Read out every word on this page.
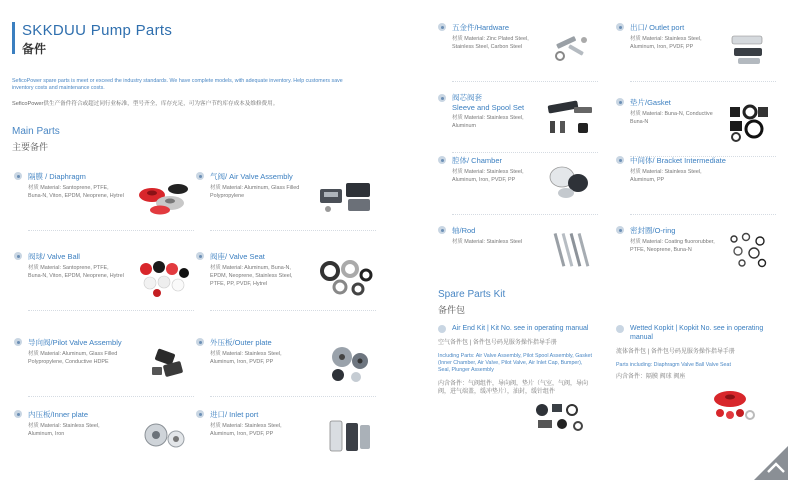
SKKDUU Pump Parts
备件
SeficoPower spare parts is meet or exceed the industry standards. We have complete models, with adequate inventory. Help customers save inventory costs and maintenance costs.
SeficoPower供生产备件符合或超过同行业标准，型号齐全，库存充足，可为客户节约库存成本及维修费用。
Main Parts
主要备件
隔膜 / Diaphragm
材质 Material: Santoprene, PTFE, Buna-N, Viton, EPDM, Neoprene, Hytrel
气阀/ Air Valve Assembly
材质 Material: Aluminum, Glass Filled Polypropylene
阀球/ Valve Ball
材质 Material: Santoprene, PTFE, Buna-N, Viton, EPDM, Neoprene, Hytrel
阀座/ Valve Seat
材质 Material: Aluminum, Buna-N, EPDM, Neoprene, Stainless Steel, PTFE, PP, PVDF, Hytrel
导向阀/Pilot Valve Assembly
材质 Material: Aluminum, Glass Filled Polypropylene, Conductive HDPE
外压板/Outer plate
材质 Material: Stainless Steel, Aluminum, Iron, PVDF, PP
内压板/Inner plate
材质 Material: Stainless Steel, Aluminum, Iron
进口/ Inlet port
材质 Material: Stainless Steel, Aluminum, Iron, PVDF, PP
五金件/Hardware
材质 Material: Zinc Plated Steel, Stainless Steel, Carbon Steel
出口/ Outlet port
材质 Material: Stainless Steel, Aluminum, Iron, PVDF, PP
阀芯阀套
Sleeve and Spool Set
材质 Material: Stainless Steel, Aluminum
垫片/Gasket
材质 Material: Buna-N, Conductive Buna-N
腔体/ Chamber
材质 Material: Stainless Steel, Aluminum, Iron, PVDF, PP
中间体/ Bracket Intermediate
材质 Material: Stainless Steel, Aluminum, PP
轴/Rod
材质 Material: Stainless Steel
密封圈/O-ring
材质 Material: Coating fluororubber, PTFE, Neoprene, Buna-N
Spare Parts Kit
备件包
Air End Kit | Kit No. see in operating manual
空气备件包 | 备件包号码见服务操作指导手册
Including Parts: Air Valve Assembly, Pilot Spool Assembly, Gasket (Inner Chamber, Air Valve, Pilot Valve, Air Inlet Cap, Bumper), Seal, Plunger Assembly
内含备件：气阀组件，导向阀，垫片（气室，气阀，导向阀，进气端盖，缓冲垫片），油封，缓针组件
Wetted Kopkit | Kopkit No. see in operating manual
流体备件包 | 备件包号码见服务操作指导手册
Parts including: Diaphragm Valve Ball Valve Seat
内含备件：隔膜 阀球 阀座
